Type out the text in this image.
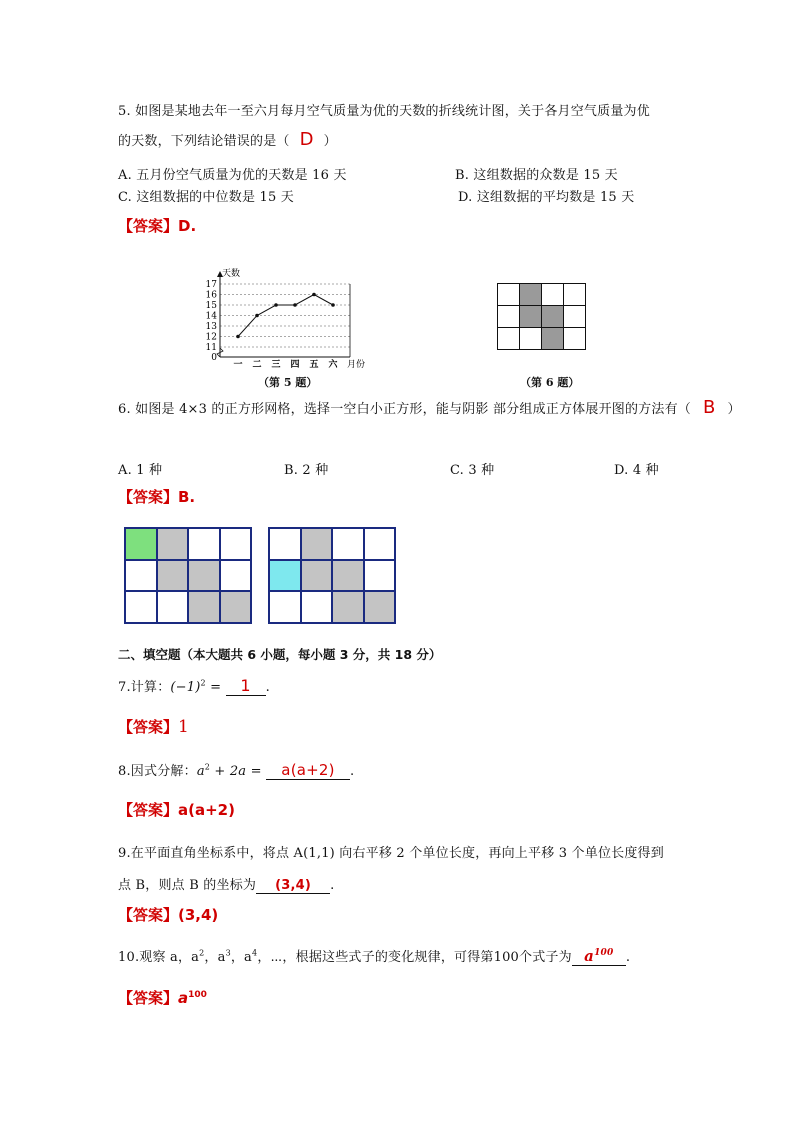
5. 如图是某地去年一至六月每月空气质量为优的天数的折线统计图，关于各月空气质量为优
的天数，下列结论错误的是（ D ）
A. 五月份空气质量为优的天数是 16 天	B. 这组数据的众数是 15 天
C. 这组数据的中位数是 15 天	D. 这组数据的平均数是 15 天
【答案】D.
0
11
12
13
14
15
16
17
天数
一 二 三 四 五 六 月份
（第 5 题）	（第 6 题）
6. 如图是 4×3 的正方形网格，选择一空白小正方形，能与阴影 部分组成正方体展开图的方法有（ B ）
A. 1 种	B. 2 种	C. 3 种	D. 4 种
【答案】B.
二、填空题（本大题共 6 小题，每小题 3 分，共 18 分）
7.计算：$(-1)^2 = 1$ .
【答案】1
8.因式分解：$a^2 + 2a = a(a+2)$ .
【答案】a(a+2)
9.在平面直角坐标系中，将点 A(1,1) 向右平移 2 个单位长度，再向上平移 3 个单位长度得到
点 B，则点 B 的坐标为 (3,4) .
【答案】(3,4)
10.观察 a，$a^2$，$a^3$，$a^4$，⋯，根据这些式子的变化规律，可得第100个式子为 $a^{100}$ .
【答案】$a^{100}$
